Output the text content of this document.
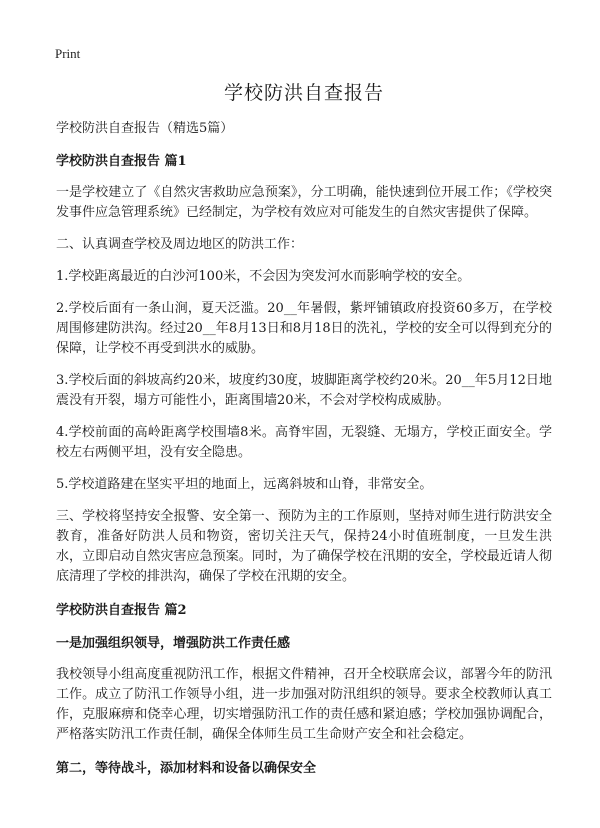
Print
学校防洪自查报告
学校防洪自查报告（精选5篇）
学校防洪自查报告 篇1

一是学校建立了《自然灾害救助应急预案》，分工明确，能快速到位开展工作；《学校突发事件应急管理系统》已经制定，为学校有效应对可能发生的自然灾害提供了保障。

二、认真调查学校及周边地区的防洪工作：

1.学校距离最近的白沙河100米，不会因为突发河水而影响学校的安全。

2.学校后面有一条山涧，夏天泛滥。20__年暑假，紫坪铺镇政府投资60多万，在学校周围修建防洪沟。经过20__年8月13日和8月18日的洗礼，学校的安全可以得到充分的保障，让学校不再受到洪水的威胁。

3.学校后面的斜坡高约20米，坡度约30度，坡脚距离学校约20米。20__年5月12日地震没有开裂，塌方可能性小，距离围墙20米，不会对学校构成威胁。

4.学校前面的高岭距离学校围墙8米。高脊牢固，无裂缝、无塌方，学校正面安全。学校左右两侧平坦，没有安全隐患。

5.学校道路建在坚实平坦的地面上，远离斜坡和山脊，非常安全。

三、学校将坚持安全报警、安全第一、预防为主的工作原则，坚持对师生进行防洪安全教育，准备好防洪人员和物资，密切关注天气，保持24小时值班制度，一旦发生洪水，立即启动自然灾害应急预案。同时，为了确保学校在汛期的安全，学校最近请人彻底清理了学校的排洪沟，确保了学校在汛期的安全。

学校防洪自查报告 篇2
一是加强组织领导，增强防洪工作责任感

我校领导小组高度重视防汛工作，根据文件精神，召开全校联席会议，部署今年的防汛工作。成立了防汛工作领导小组，进一步加强对防汛组织的领导。要求全校教师认真工作，克服麻痹和侥幸心理，切实增强防汛工作的责任感和紧迫感；学校加强协调配合，严格落实防汛工作责任制，确保全体师生员工生命财产安全和社会稳定。

第二，等待战斗，添加材料和设备以确保安全
